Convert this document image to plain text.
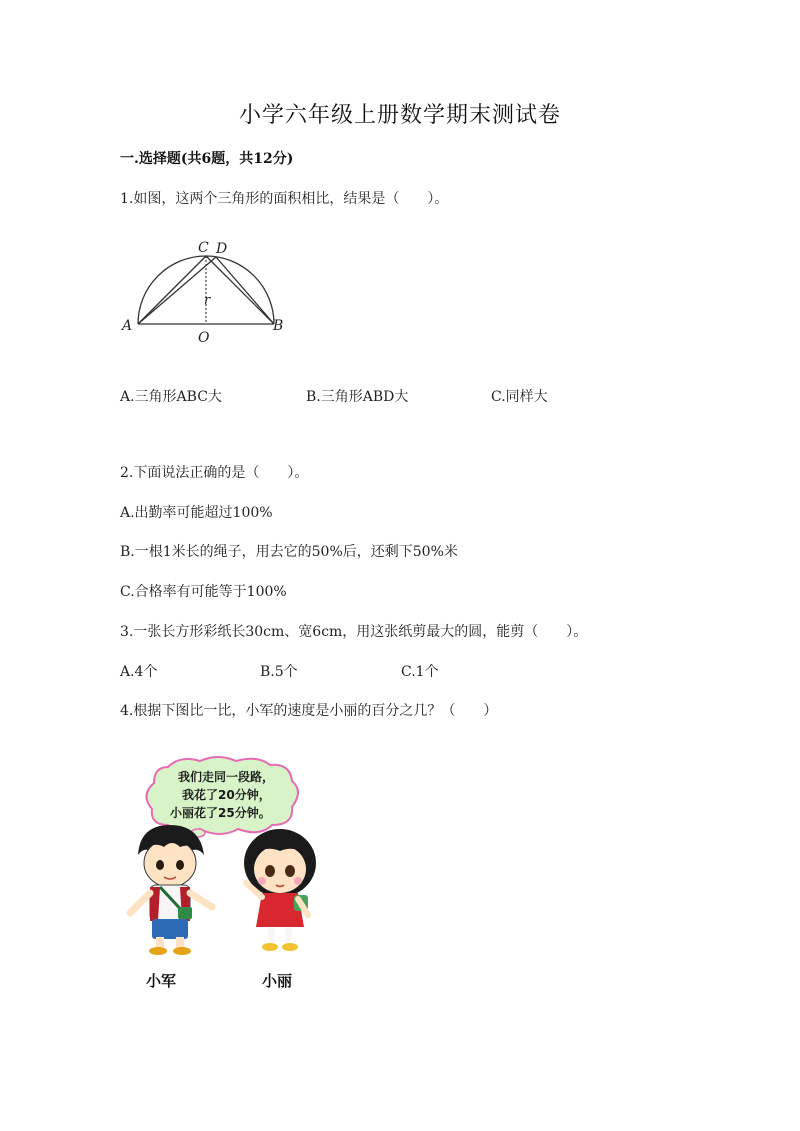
小学六年级上册数学期末测试卷
一.选择题(共6题，共12分)
1.如图，这两个三角形的面积相比，结果是（　　）。
C D
A	B
O
r
A.三角形ABC大	B.三角形ABD大	C.同样大
2.下面说法正确的是（　　）。
A.出勤率可能超过100%
B.一根1米长的绳子，用去它的50%后，还剩下50%米
C.合格率有可能等于100%
3.一张长方形彩纸长30cm、宽6cm，用这张纸剪最大的圆，能剪（　　）。
A.4个	B.5个	C.1个
4.根据下图比一比，小军的速度是小丽的百分之几？（　　）
我们走同一段路，
我花了20分钟，
小丽花了25分钟。
小军	小丽
